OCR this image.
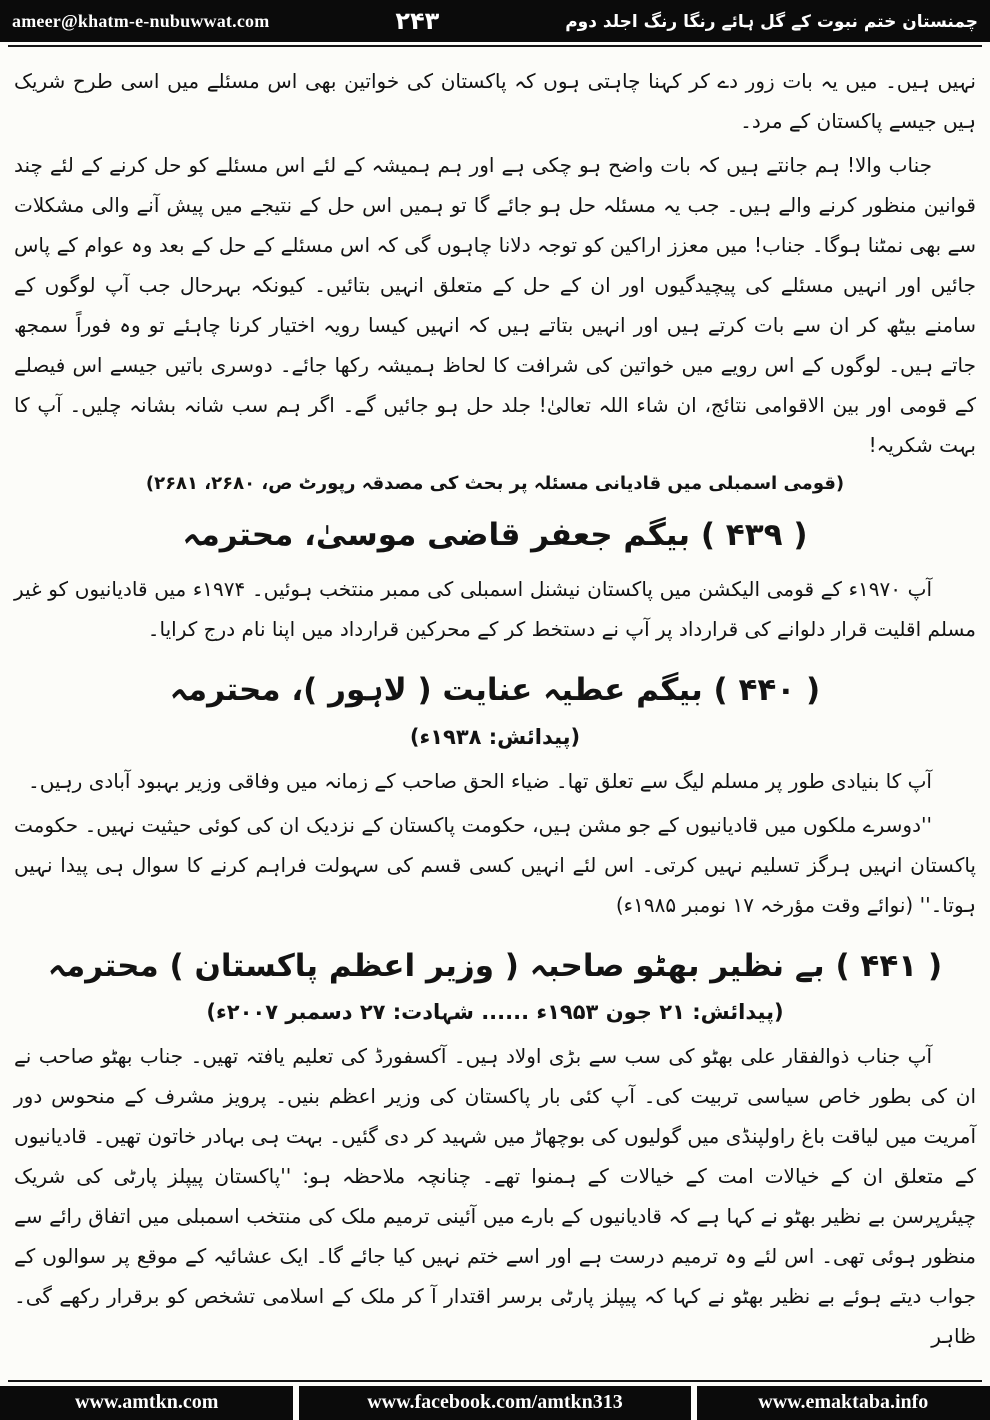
ameer@khatm-e-nubuwwat.com	۲۴۳	چمنستان ختم نبوت کے گل ہائے رنگا رنگ اجلد دوم

نہیں ہیں۔ میں یہ بات زور دے کر کہنا چاہتی ہوں کہ پاکستان کی خواتین بھی اس مسئلے میں اسی طرح شریک ہیں جیسے پاکستان کے مرد۔

جناب والا! ہم جانتے ہیں کہ بات واضح ہو چکی ہے اور ہم ہمیشہ کے لئے اس مسئلے کو حل کرنے کے لئے چند قوانین منظور کرنے والے ہیں۔ جب یہ مسئلہ حل ہو جائے گا تو ہمیں اس حل کے نتیجے میں پیش آنے والی مشکلات سے بھی نمٹنا ہوگا۔ جناب! میں معزز اراکین کو توجہ دلانا چاہوں گی کہ اس مسئلے کے حل کے بعد وہ عوام کے پاس جائیں اور انہیں مسئلے کی پیچیدگیوں اور ان کے حل کے متعلق انہیں بتائیں۔ کیونکہ بہرحال جب آپ لوگوں کے سامنے بیٹھ کر ان سے بات کرتے ہیں اور انہیں بتاتے ہیں کہ انہیں کیسا رویہ اختیار کرنا چاہئے تو وہ فوراً سمجھ جاتے ہیں۔ لوگوں کے اس رویے میں خواتین کی شرافت کا لحاظ ہمیشہ رکھا جائے۔ دوسری باتیں جیسے اس فیصلے کے قومی اور بین الاقوامی نتائج، ان شاء اللہ تعالیٰ! جلد حل ہو جائیں گے۔ اگر ہم سب شانہ بشانہ چلیں۔ آپ کا بہت شکریہ!

(قومی اسمبلی میں قادیانی مسئلہ پر بحث کی مصدقہ رپورٹ ص، ۲۶۸۰، ۲۶۸۱)

( ۴۳۹ ) بیگم جعفر قاضی موسیٰ، محترمہ

آپ ۱۹۷۰ء کے قومی الیکشن میں پاکستان نیشنل اسمبلی کی ممبر منتخب ہوئیں۔ ۱۹۷۴ء میں قادیانیوں کو غیر مسلم اقلیت قرار دلوانے کی قرارداد پر آپ نے دستخط کر کے محرکین قرارداد میں اپنا نام درج کرایا۔

( ۴۴۰ ) بیگم عطیہ عنایت ( لاہور )، محترمہ

(پیدائش: ۱۹۳۸ء)

آپ کا بنیادی طور پر مسلم لیگ سے تعلق تھا۔ ضیاء الحق صاحب کے زمانہ میں وفاقی وزیر بہبود آبادی رہیں۔

''دوسرے ملکوں میں قادیانیوں کے جو مشن ہیں، حکومت پاکستان کے نزدیک ان کی کوئی حیثیت نہیں۔ حکومت پاکستان انہیں ہرگز تسلیم نہیں کرتی۔ اس لئے انہیں کسی قسم کی سہولت فراہم کرنے کا سوال ہی پیدا نہیں ہوتا۔'' (نوائے وقت مؤرخہ ۱۷ نومبر ۱۹۸۵ء)

( ۴۴۱ ) بے نظیر بھٹو صاحبہ ( وزیر اعظم پاکستان ) محترمہ

(پیدائش: ۲۱ جون ۱۹۵۳ء ...... شہادت: ۲۷ دسمبر ۲۰۰۷ء)

آپ جناب ذوالفقار علی بھٹو کی سب سے بڑی اولاد ہیں۔ آکسفورڈ کی تعلیم یافتہ تھیں۔ جناب بھٹو صاحب نے ان کی بطور خاص سیاسی تربیت کی۔ آپ کئی بار پاکستان کی وزیر اعظم بنیں۔ پرویز مشرف کے منحوس دور آمریت میں لیاقت باغ راولپنڈی میں گولیوں کی بوچھاڑ میں شہید کر دی گئیں۔ بہت ہی بہادر خاتون تھیں۔ قادیانیوں کے متعلق ان کے خیالات امت کے خیالات کے ہمنوا تھے۔ چنانچہ ملاحظہ ہو: ''پاکستان پیپلز پارٹی کی شریک چیئرپرسن بے نظیر بھٹو نے کہا ہے کہ قادیانیوں کے بارے میں آئینی ترمیم ملک کی منتخب اسمبلی میں اتفاق رائے سے منظور ہوئی تھی۔ اس لئے وہ ترمیم درست ہے اور اسے ختم نہیں کیا جائے گا۔ ایک عشائیہ کے موقع پر سوالوں کے جواب دیتے ہوئے بے نظیر بھٹو نے کہا کہ پیپلز پارٹی برسر اقتدار آ کر ملک کے اسلامی تشخص کو برقرار رکھے گی۔ ظاہر

www.amtkn.com	www.facebook.com/amtkn313	www.emaktaba.info
